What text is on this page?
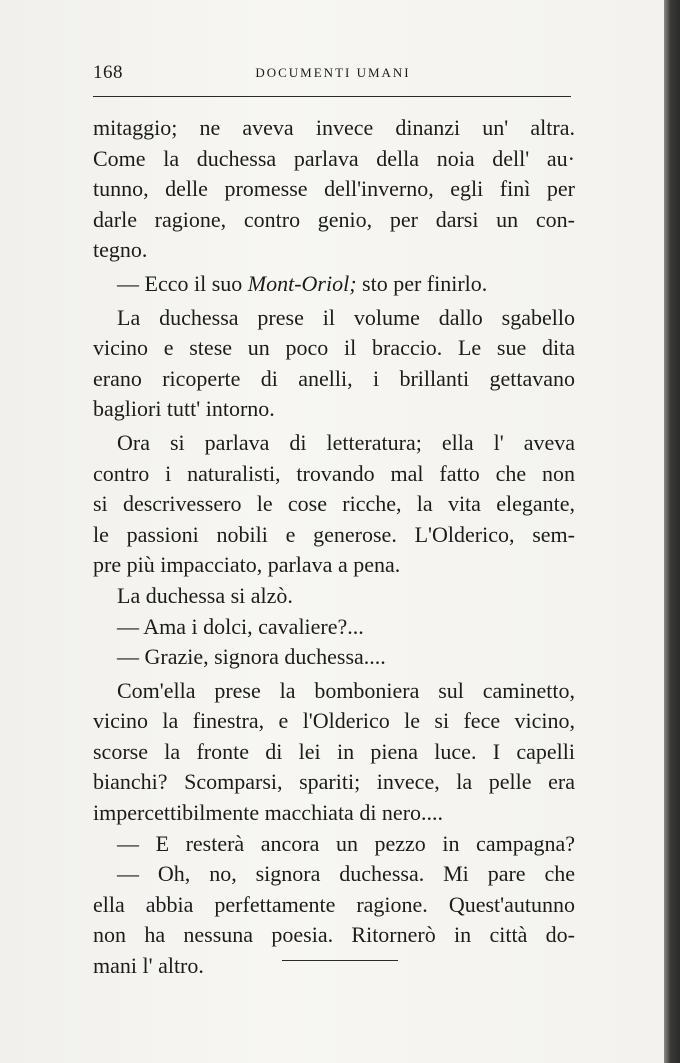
168	DOCUMENTI UMANI
mitaggio; ne aveva invece dinanzi un' altra.
Come la duchessa parlava della noia dell' au·
tunno, delle promesse dell'inverno, egli finì per
darle ragione, contro genio, per darsi un con-
tegno.
— Ecco il suo Mont-Oriol; sto per finirlo.
La duchessa prese il volume dallo sgabello
vicino e stese un poco il braccio. Le sue dita
erano ricoperte di anelli, i brillanti gettavano
bagliori tutt' intorno.
Ora si parlava di letteratura; ella l' aveva
contro i naturalisti, trovando mal fatto che non
si descrivessero le cose ricche, la vita elegante,
le passioni nobili e generose. L'Olderico, sem-
pre più impacciato, parlava a pena.
La duchessa si alzò.
— Ama i dolci, cavaliere?...
— Grazie, signora duchessa....
Com'ella prese la bomboniera sul caminetto,
vicino la finestra, e l'Olderico le si fece vicino,
scorse la fronte di lei in piena luce. I capelli
bianchi? Scomparsi, spariti; invece, la pelle era
impercettibilmente macchiata di nero....
— E resterà ancora un pezzo in campagna?
— Oh, no, signora duchessa. Mi pare che
ella abbia perfettamente ragione. Quest'autunno
non ha nessuna poesia. Ritornerò in città do-
mani l' altro.
